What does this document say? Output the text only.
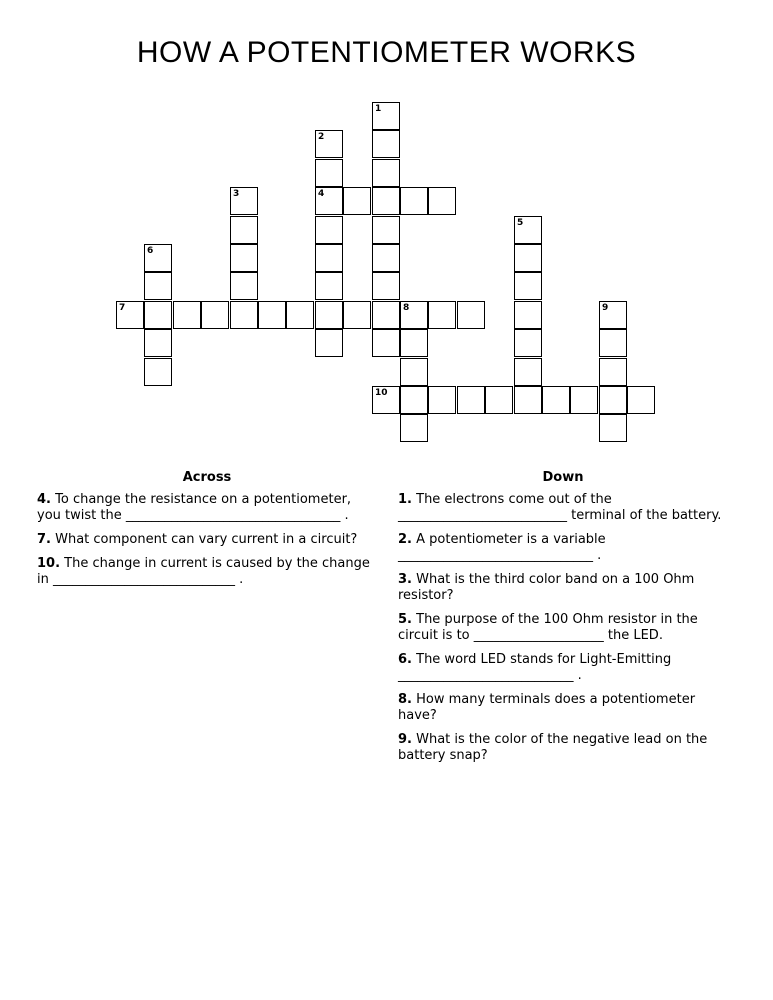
HOW A POTENTIOMETER WORKS
1
2
4
3
5
6
7	8	9
10
Across
4. To change the resistance on a potentiometer, you twist the _________________________________ .
7. What component can vary current in a circuit?
10. The change in current is caused by the change in ____________________________ .
Down
1. The electrons come out of the __________________________ terminal of the battery.
2. A potentiometer is a variable ______________________________ .
3. What is the third color band on a 100 Ohm resistor?
5. The purpose of the 100 Ohm resistor in the circuit is to ____________________ the LED.
6. The word LED stands for Light-Emitting ___________________________ .
8. How many terminals does a potentiometer have?
9. What is the color of the negative lead on the battery snap?
